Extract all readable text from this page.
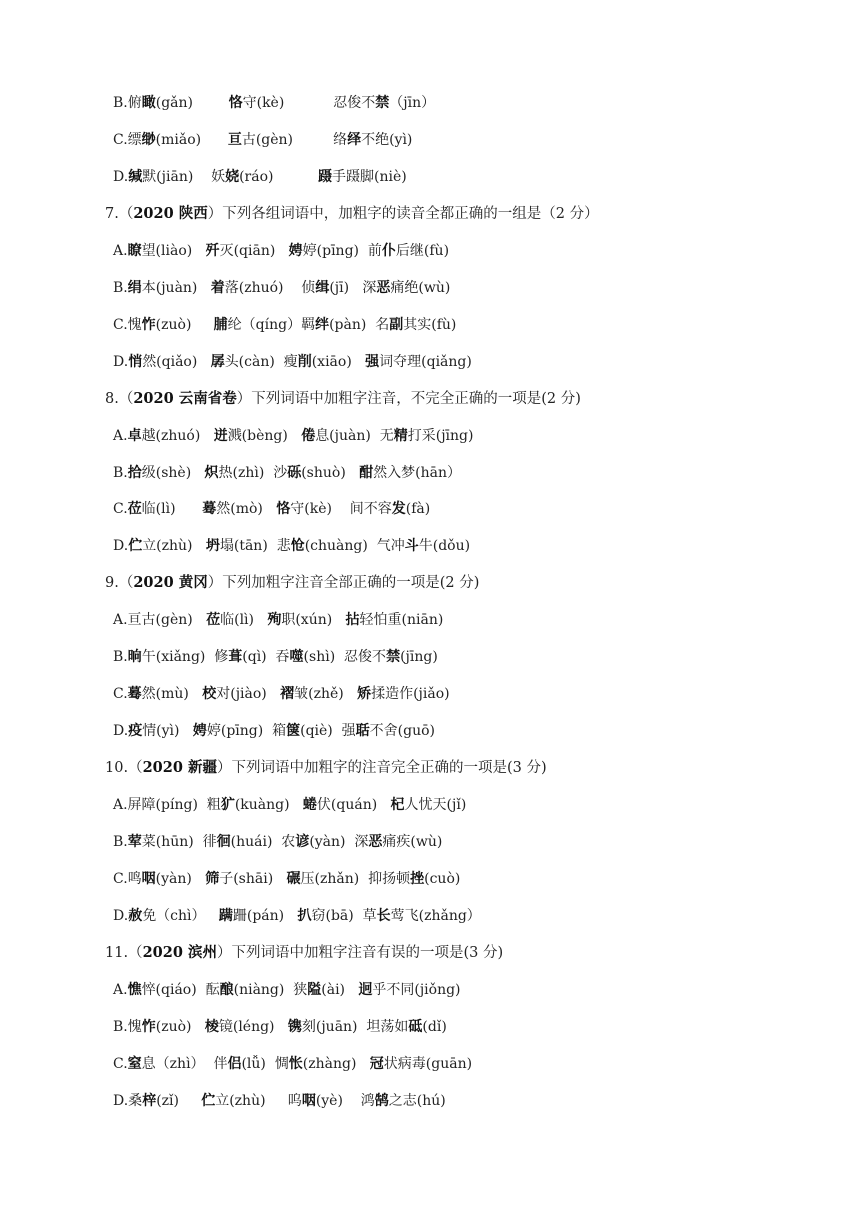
B.俯瞰(gǎn)        恪守(kè)           忍俊不禁（jīn）
C.缥缈(miǎo)      亘古(gèn)         络绎不绝(yì)
D.缄默(jiān)    妖娆(ráo)          蹑手蹑脚(niè)
7.（2020 陕西）下列各组词语中，加粗字的读音全都正确的一组是（2 分）
A.瞭望(liào)   歼灭(qiān)   娉婷(pīng)  前仆后继(fù)
B.绢本(juàn)   着落(zhuó)    侦缉(jī)   深恶痛绝(wù)
C.愧怍(zuò)     脯纶（qíng）羁绊(pàn)  名副其实(fù)
D.悄然(qiǎo)   孱头(càn)  瘦削(xiāo)   强词夺理(qiǎng)
8.（2020 云南省卷）下列词语中加粗字注音，不完全正确的一项是(2 分)
A.卓越(zhuó)   迸溅(bèng)   倦息(juàn)  无精打采(jīng)
B.拾级(shè)   炽热(zhì)  沙砾(shuò)   酣然入梦(hān）
C.莅临(lì)      蓦然(mò)   恪守(kè)    间不容发(fà)
D.伫立(zhù)   坍塌(tān)  悲怆(chuàng)  气冲斗牛(dǒu)
9.（2020 黄冈）下列加粗字注音全部正确的一项是(2 分)
A.亘古(gèn)   莅临(lì)   殉职(xún)   拈轻怕重(niān)
B.晌午(xiǎng)  修葺(qì)  吞噬(shì)  忍俊不禁(jīng)
C.蓦然(mù)   校对(jiào)   褶皱(zhě)   矫揉造作(jiǎo)
D.疫情(yì)   娉婷(pīng)  箱箧(qiè)  强聒不舍(guō)
10.（2020 新疆）下列词语中加粗字的注音完全正确的一项是(3 分)
A.屏障(píng)  粗犷(kuàng)   蜷伏(quán)   杞人忧天(jǐ)
B.荤菜(hūn)  徘徊(huái)  农谚(yàn)  深恶痛疾(wù)
C.鸣咽(yàn)   筛子(shāi)   碾压(zhǎn)  抑扬顿挫(cuò)
D.赦免（chì）   蹒跚(pán)   扒窃(bā)  草长莺飞(zhǎng）
11.（2020 滨州）下列词语中加粗字注音有误的一项是(3 分)
A.憔悴(qiáo)  酝酿(niàng)  狭隘(ài)   迥乎不同(jiǒng)
B.愧怍(zuò)   棱镜(léng)   镌刻(juān)  坦荡如砥(dǐ)
C.窒息（zhì）  伴侣(lǚ)  惆怅(zhàng)   冠状病毒(guān)
D.桑梓(zǐ)     伫立(zhù)     呜咽(yè)    鸿鹄之志(hú)
